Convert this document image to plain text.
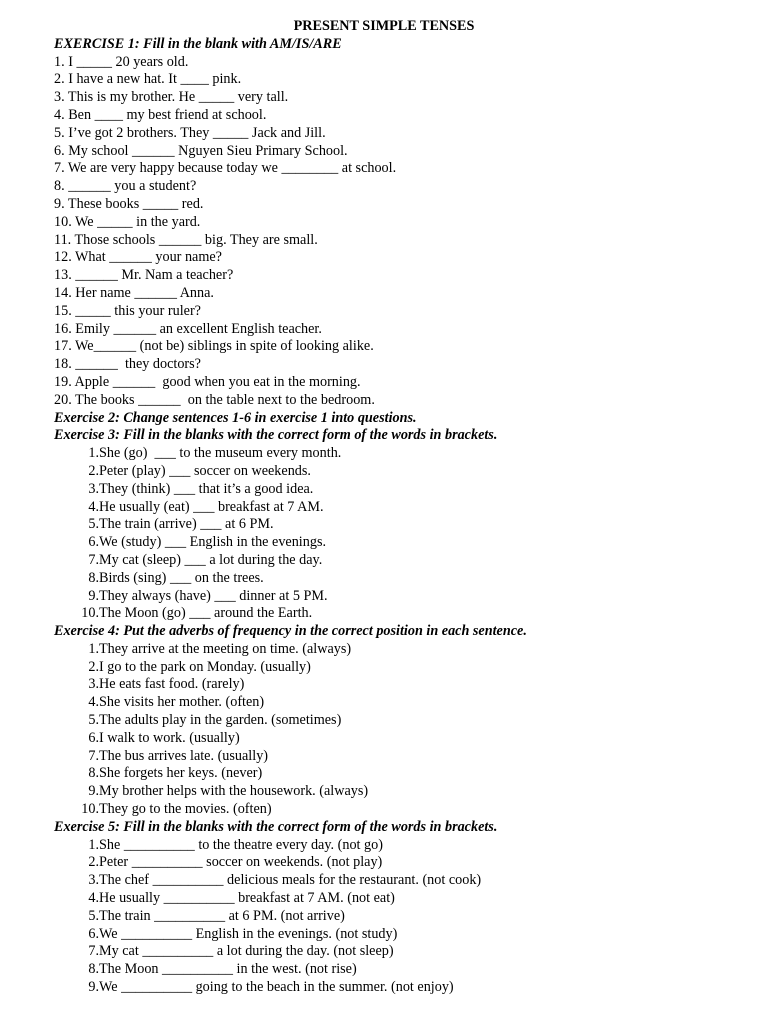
PRESENT SIMPLE TENSES

EXERCISE 1: Fill in the blank with AM/IS/ARE

1. I _____ 20 years old.

2. I have a new hat. It ____ pink.

3. This is my brother. He _____ very tall.

4. Ben ____ my best friend at school.

5. I’ve got 2 brothers. They _____ Jack and Jill.

6. My school ______ Nguyen Sieu Primary School.

7. We are very happy because today we ________ at school.

8. ______ you a student?

9. These books _____ red.

10. We _____ in the yard.

11. Those schools ______ big. They are small.

12. What ______ your name?

13. ______ Mr. Nam a teacher?

14. Her name ______ Anna.

15. _____ this your ruler?

16. Emily ______ an excellent English teacher.

17. We______ (not be) siblings in spite of looking alike.

18. ______  they doctors?

19. Apple ______  good when you eat in the morning.

20. The books ______  on the table next to the bedroom.

Exercise 2: Change sentences 1-6 in exercise 1 into questions.

Exercise 3: Fill in the blanks with the correct form of the words in brackets.

1. She (go)  ___ to the museum every month.
2. Peter (play) ___ soccer on weekends.
3. They (think) ___ that it’s a good idea.
4. He usually (eat) ___ breakfast at 7 AM.
5. The train (arrive) ___ at 6 PM.
6. We (study) ___ English in the evenings.
7. My cat (sleep) ___ a lot during the day.
8. Birds (sing) ___ on the trees.
9. They always (have) ___ dinner at 5 PM.
10. The Moon (go) ___ around the Earth.

Exercise 4: Put the adverbs of frequency in the correct position in each sentence.

1. They arrive at the meeting on time. (always)
2. I go to the park on Monday. (usually)
3. He eats fast food. (rarely)
4. She visits her mother. (often)
5. The adults play in the garden. (sometimes)
6. I walk to work. (usually)
7. The bus arrives late. (usually)
8. She forgets her keys. (never)
9. My brother helps with the housework. (always)
10. They go to the movies. (often)

Exercise 5: Fill in the blanks with the correct form of the words in brackets.

1. She __________ to the theatre every day. (not go)
2. Peter __________ soccer on weekends. (not play)
3. The chef __________ delicious meals for the restaurant. (not cook)
4. He usually __________ breakfast at 7 AM. (not eat)
5. The train __________ at 6 PM. (not arrive)
6. We __________ English in the evenings. (not study)
7. My cat __________ a lot during the day. (not sleep)
8. The Moon __________ in the west. (not rise)
9. We __________ going to the beach in the summer. (not enjoy)
